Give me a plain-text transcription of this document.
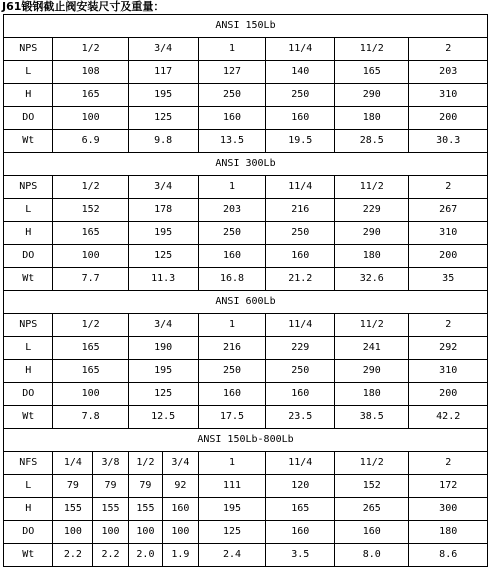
J61锻钢截止阀安装尺寸及重量：
ANSI 150Lb								
NPS	1/2		3/4		1	11/4	11/2	2
L	108		117		127	140	165	203
H	165		195		250	250	290	310
DO	100		125		160	160	180	200
Wt	6.9		9.8		13.5	19.5	28.5	30.3
ANSI 300Lb								
NPS	1/2		3/4		1	11/4	11/2	2
L	152		178		203	216	229	267
H	165		195		250	250	290	310
DO	100		125		160	160	180	200
Wt	7.7		11.3		16.8	21.2	32.6	35
ANSI 600Lb								
NPS	1/2		3/4		1	11/4	11/2	2
L	165		190		216	229	241	292
H	165		195		250	250	290	310
DO	100		125		160	160	180	200
Wt	7.8		12.5		17.5	23.5	38.5	42.2
ANSI 150Lb-800Lb								
NFS	1/4	3/8	1/2	3/4	1	11/4	11/2	2
L	79	79	79	92	111	120	152	172
H	155	155	155	160	195	165	265	300
DO	100	100	100	100	125	160	160	180
Wt	2.2	2.2	2.0	1.9	2.4	3.5	8.0	8.6
